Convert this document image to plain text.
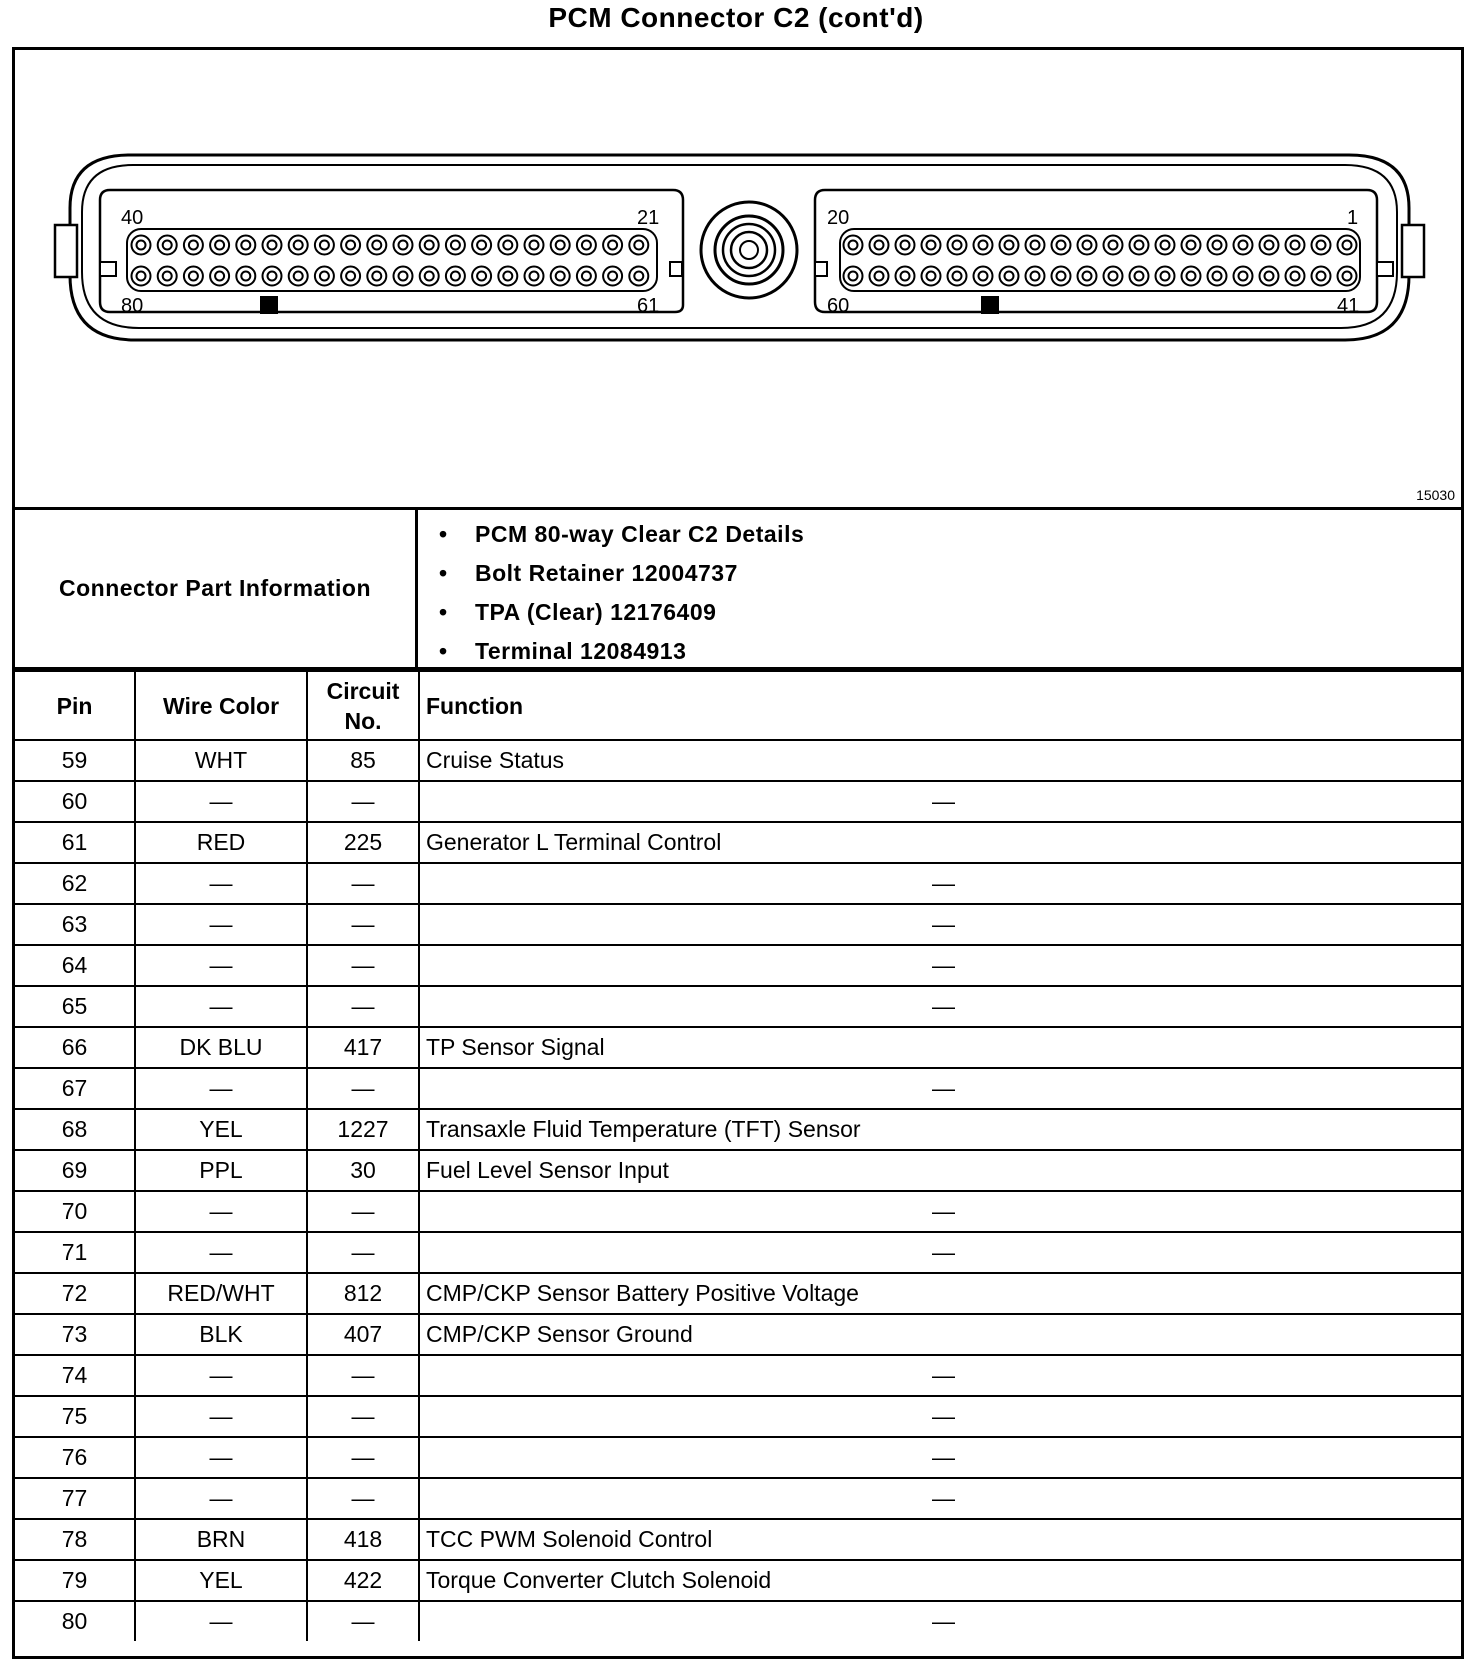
PCM Connector C2 (cont'd)
40	21	20	1
80	61	60	41
15030
Connector Part Information
• PCM 80-way Clear C2 Details
• Bolt Retainer 12004737
• TPA (Clear) 12176409
• Terminal 12084913
Pin	Wire Color	Circuit No.	Function
59	WHT	85	Cruise Status
60	—	—	—
61	RED	225	Generator L Terminal Control
62	—	—	—
63	—	—	—
64	—	—	—
65	—	—	—
66	DK BLU	417	TP Sensor Signal
67	—	—	—
68	YEL	1227	Transaxle Fluid Temperature (TFT) Sensor
69	PPL	30	Fuel Level Sensor Input
70	—	—	—
71	—	—	—
72	RED/WHT	812	CMP/CKP Sensor Battery Positive Voltage
73	BLK	407	CMP/CKP Sensor Ground
74	—	—	—
75	—	—	—
76	—	—	—
77	—	—	—
78	BRN	418	TCC PWM Solenoid Control
79	YEL	422	Torque Converter Clutch Solenoid
80	—	—	—
